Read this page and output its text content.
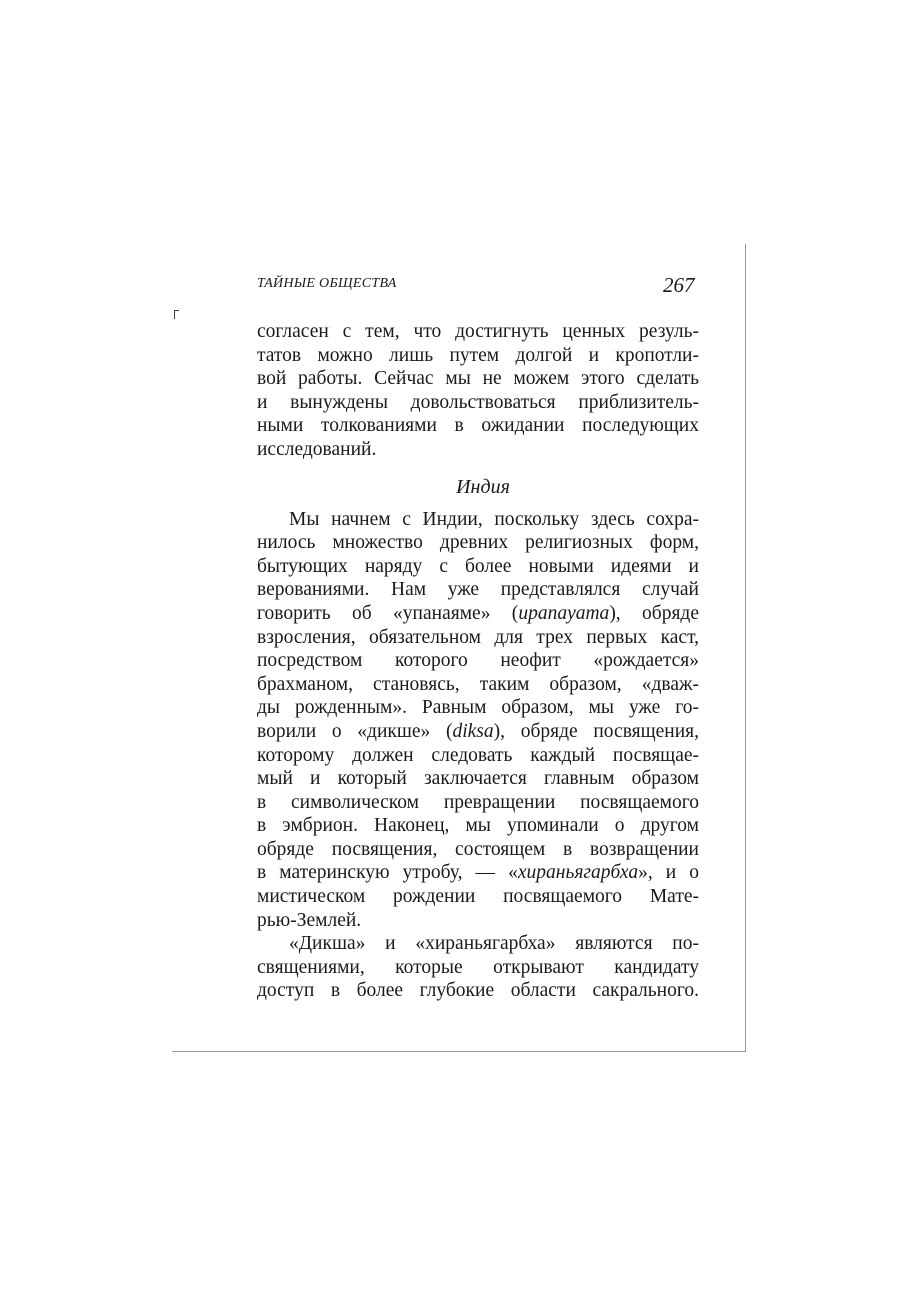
ТАЙНЫЕ ОБЩЕСТВА	267
согласен с тем, что достигнуть ценных резуль-
татов можно лишь путем долгой и кропотли-
вой работы. Сейчас мы не можем этого сделать
и вынуждены довольствоваться приблизитель-
ными толкованиями в ожидании последующих
исследований.
Индия
Мы начнем с Индии, поскольку здесь сохра-
нилось множество древних религиозных форм,
бытующих наряду с более новыми идеями и
верованиями. Нам уже представлялся случай
говорить об «упанаяме» (upanayama), обряде
взросления, обязательном для трех первых каст,
посредством которого неофит «рождается»
брахманом, становясь, таким образом, «дваж-
ды рожденным». Равным образом, мы уже го-
ворили о «дикше» (diksa), обряде посвящения,
которому должен следовать каждый посвящае-
мый и который заключается главным образом
в символическом превращении посвящаемого
в эмбрион. Наконец, мы упоминали о другом
обряде посвящения, состоящем в возвращении
в материнскую утробу, — «хираньягарбха», и о
мистическом рождении посвящаемого Мате-
рью-Землей.
«Дикша» и «хираньягарбха» являются по-
священиями, которые открывают кандидату
доступ в более глубокие области сакрального.
